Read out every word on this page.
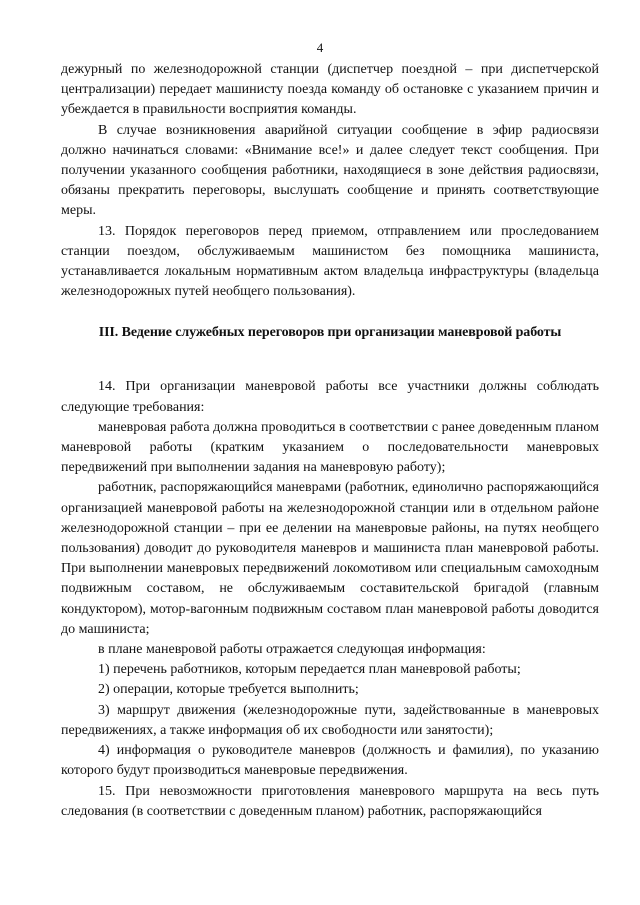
4

дежурный по железнодорожной станции (диспетчер поездной – при диспетчерской централизации) передает машинисту поезда команду об остановке с указанием причин и убеждается в правильности восприятия команды.

В случае возникновения аварийной ситуации сообщение в эфир радиосвязи должно начинаться словами: «Внимание все!» и далее следует текст сообщения. При получении указанного сообщения работники, находящиеся в зоне действия радиосвязи, обязаны прекратить переговоры, выслушать сообщение и принять соответствующие меры.

13. Порядок переговоров перед приемом, отправлением или проследованием станции поездом, обслуживаемым машинистом без помощника машиниста, устанавливается локальным нормативным актом владельца инфраструктуры (владельца железнодорожных путей необщего пользования).

III. Ведение служебных переговоров при организации маневровой работы

14. При организации маневровой работы все участники должны соблюдать следующие требования:

маневровая работа должна проводиться в соответствии с ранее доведенным планом маневровой работы (кратким указанием о последовательности маневровых передвижений при выполнении задания на маневровую работу);

работник, распоряжающийся маневрами (работник, единолично распоряжающийся организацией маневровой работы на железнодорожной станции или в отдельном районе железнодорожной станции – при ее делении на маневровые районы, на путях необщего пользования) доводит до руководителя маневров и машиниста план маневровой работы. При выполнении маневровых передвижений локомотивом или специальным самоходным подвижным составом, не обслуживаемым составительской бригадой (главным кондуктором), мотор-вагонным подвижным составом план маневровой работы доводится до машиниста;

в плане маневровой работы отражается следующая информация:

1) перечень работников, которым передается план маневровой работы;

2) операции, которые требуется выполнить;

3) маршрут движения (железнодорожные пути, задействованные в маневровых передвижениях, а также информация об их свободности или занятости);

4) информация о руководителе маневров (должность и фамилия), по указанию которого будут производиться маневровые передвижения.

15. При невозможности приготовления маневрового маршрута на весь путь следования (в соответствии с доведенным планом) работник, распоряжающийся
